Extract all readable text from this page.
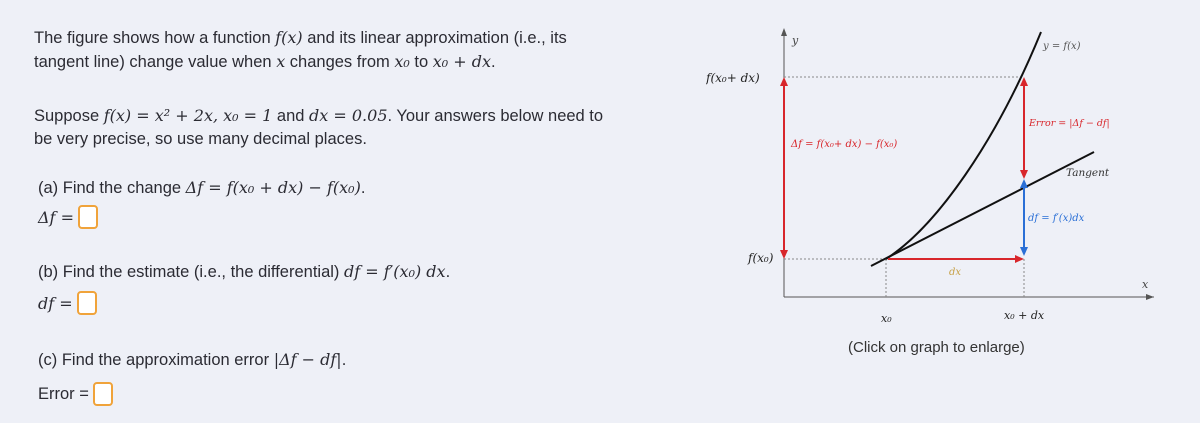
The figure shows how a function f(x) and its linear approximation (i.e., its
tangent line) change value when x changes from x₀ to x₀ + dx.

Suppose f(x) = x² + 2x, x₀ = 1 and dx = 0.05. Your answers below need to
be very precise, so use many decimal places.

(a) Find the change Δf = f(x₀ + dx) − f(x₀).
Δf =
(b) Find the estimate (i.e., the differential) df = f′(x₀) dx.
df =
(c) Find the approximation error |Δf − df|.
Error =
y
x
f(x₀+ dx)
f(x₀)
dx
y = f(x)
Δf = f(x₀+ dx) − f(x₀)
Error = |Δf − df|
Tangent
df = f′(x)dx
x₀	x₀ + dx
(Click on graph to enlarge)
